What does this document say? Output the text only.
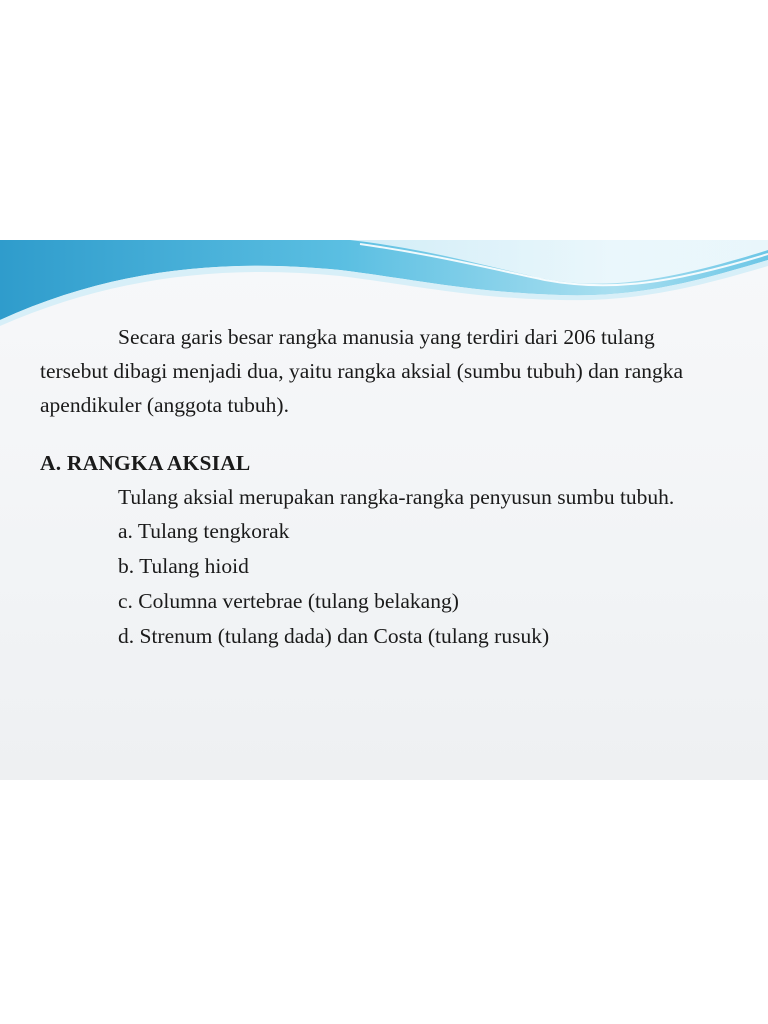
Secara garis besar rangka manusia yang terdiri dari 206 tulang tersebut dibagi menjadi dua, yaitu rangka aksial (sumbu tubuh) dan rangka apendikuler (anggota tubuh).

A. RANGKA AKSIAL

Tulang aksial merupakan rangka-rangka penyusun sumbu tubuh.

a. Tulang tengkorak
b. Tulang hioid
c. Columna vertebrae (tulang belakang)
d. Strenum (tulang dada) dan Costa (tulang rusuk)
